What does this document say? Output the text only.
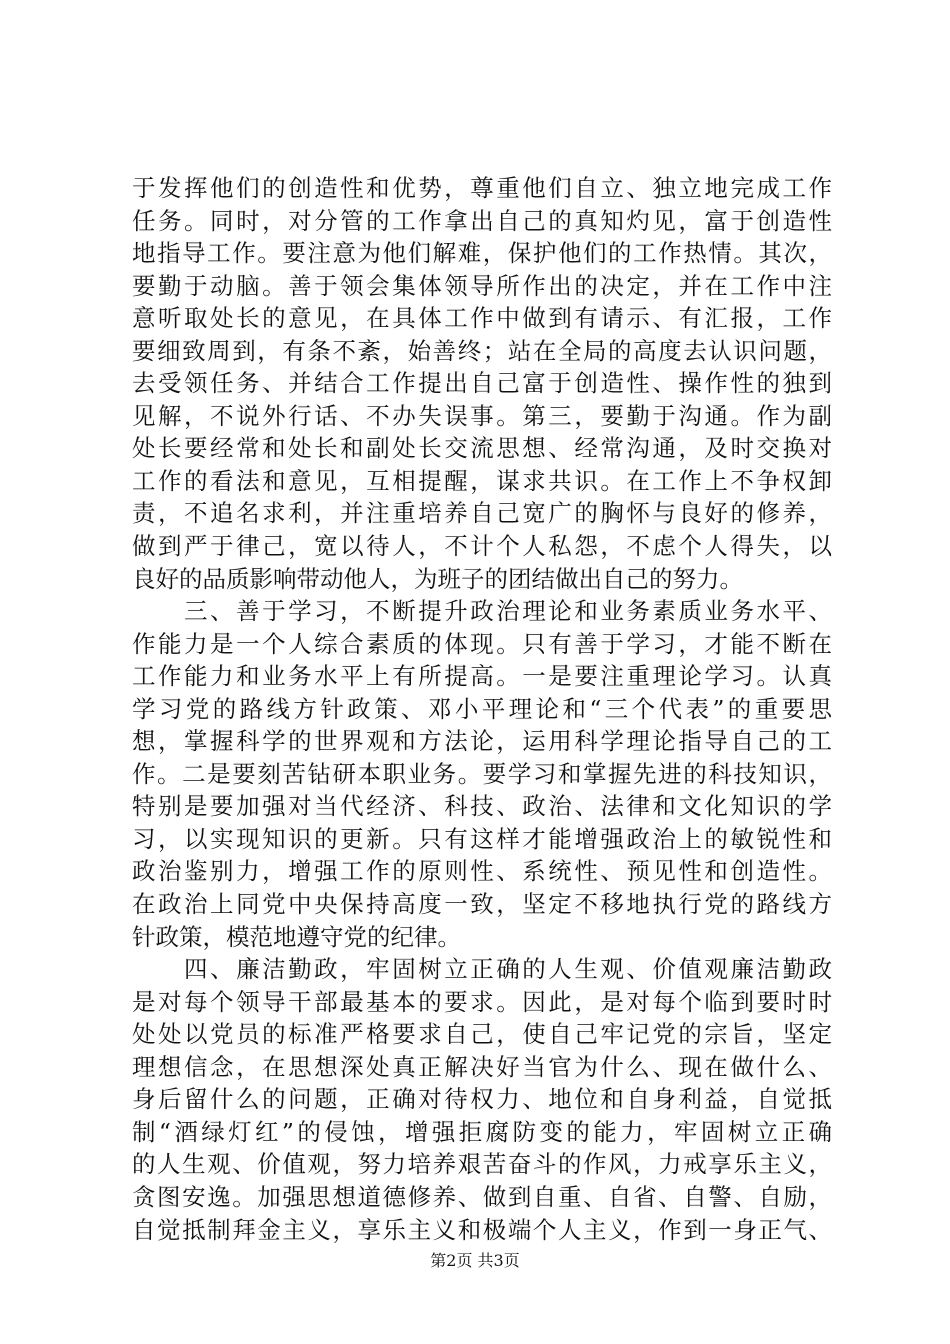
于发挥他们的创造性和优势，尊重他们自立、独立地完成工作
任务。同时，对分管的工作拿出自己的真知灼见，富于创造性
地指导工作。要注意为他们解难，保护他们的工作热情。其次，
要勤于动脑。善于领会集体领导所作出的决定，并在工作中注
意听取处长的意见，在具体工作中做到有请示、有汇报，工作
要细致周到，有条不紊，始善终；站在全局的高度去认识问题，
去受领任务、并结合工作提出自己富于创造性、操作性的独到
见解，不说外行话、不办失误事。第三，要勤于沟通。作为副
处长要经常和处长和副处长交流思想、经常沟通，及时交换对
工作的看法和意见，互相提醒，谋求共识。在工作上不争权卸
责，不追名求利，并注重培养自己宽广的胸怀与良好的修养，
做到严于律己，宽以待人，不计个人私怨，不虑个人得失，以
良好的品质影响带动他人，为班子的团结做出自己的努力。
　　三、善于学习，不断提升政治理论和业务素质业务水平、
作能力是一个人综合素质的体现。只有善于学习，才能不断在
工作能力和业务水平上有所提高。一是要注重理论学习。认真
学习党的路线方针政策、邓小平理论和“三个代表”的重要思
想，掌握科学的世界观和方法论，运用科学理论指导自己的工
作。二是要刻苦钻研本职业务。要学习和掌握先进的科技知识，
特别是要加强对当代经济、科技、政治、法律和文化知识的学
习，以实现知识的更新。只有这样才能增强政治上的敏锐性和
政治鉴别力，增强工作的原则性、系统性、预见性和创造性。
在政治上同党中央保持高度一致，坚定不移地执行党的路线方
针政策，模范地遵守党的纪律。
　　四、廉洁勤政，牢固树立正确的人生观、价值观廉洁勤政
是对每个领导干部最基本的要求。因此，是对每个临到要时时
处处以党员的标准严格要求自己，使自己牢记党的宗旨，坚定
理想信念，在思想深处真正解决好当官为什么、现在做什么、
身后留什么的问题，正确对待权力、地位和自身利益，自觉抵
制“酒绿灯红”的侵蚀，增强拒腐防变的能力，牢固树立正确
的人生观、价值观，努力培养艰苦奋斗的作风，力戒享乐主义，
贪图安逸。加强思想道德修养、做到自重、自省、自警、自励，
自觉抵制拜金主义，享乐主义和极端个人主义，作到一身正气、
第2页 共3页
